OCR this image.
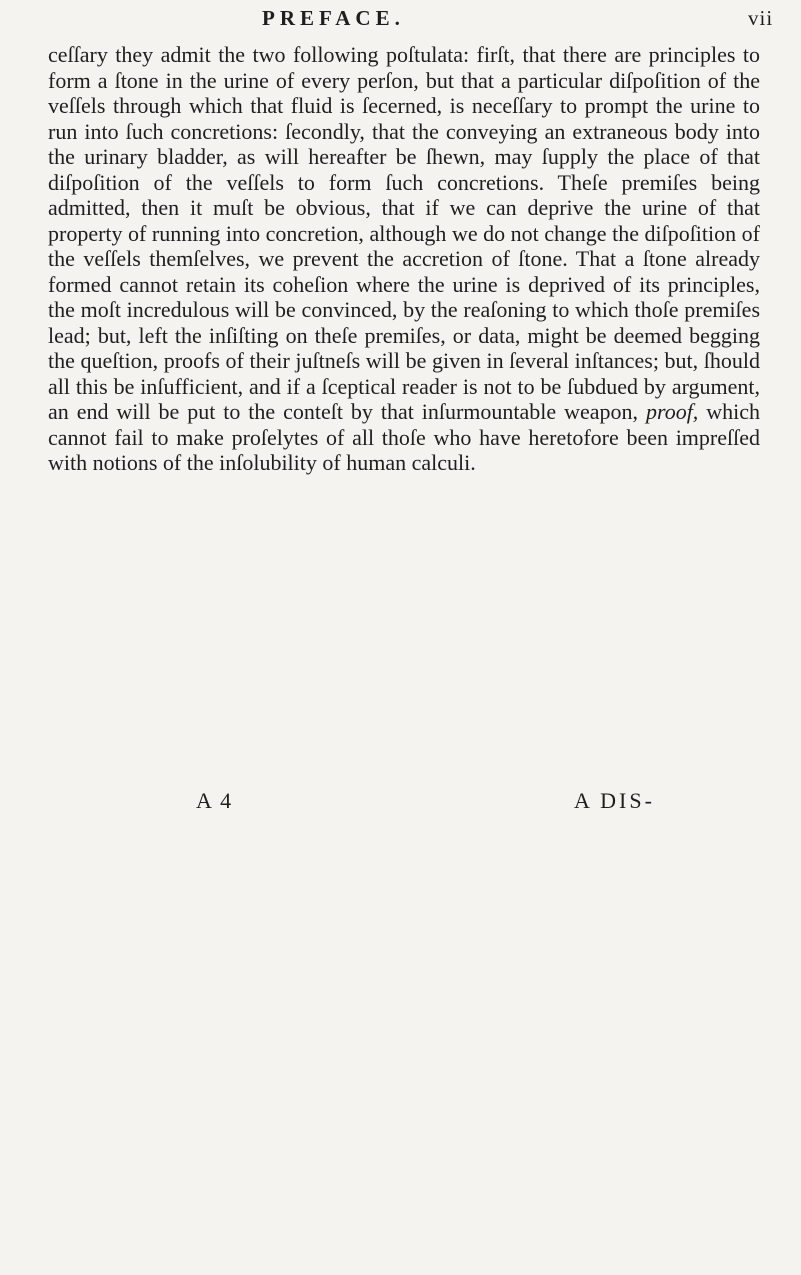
PREFACE.	vii

ceſſary they admit the two following poſtulata: firſt, that there are principles to form a ſtone in the urine of every perſon, but that a particular diſpoſition of the veſſels through which that fluid is ſecerned, is neceſſary to prompt the urine to run into ſuch concretions: ſecondly, that the conveying an extraneous body into the urinary bladder, as will hereafter be ſhewn, may ſupply the place of that diſpoſition of the veſſels to form ſuch concretions. Theſe premiſes being admitted, then it muſt be obvious, that if we can deprive the urine of that property of running into concretion, although we do not change the diſpoſition of the veſſels themſelves, we prevent the accretion of ſtone. That a ſtone already formed cannot retain its coheſion where the urine is deprived of its principles, the moſt incredulous will be convinced, by the reaſoning to which thoſe premiſes lead; but, left the inſiſting on theſe premiſes, or data, might be deemed begging the queſtion, proofs of their juſtneſs will be given in ſeveral inſtances; but, ſhould all this be inſufficient, and if a ſceptical reader is not to be ſubdued by argument, an end will be put to the conteſt by that inſurmountable weapon, proof, which cannot fail to make proſelytes of all thoſe who have heretofore been impreſſed with notions of the inſolubility of human calculi.

A 4	A DIS-
